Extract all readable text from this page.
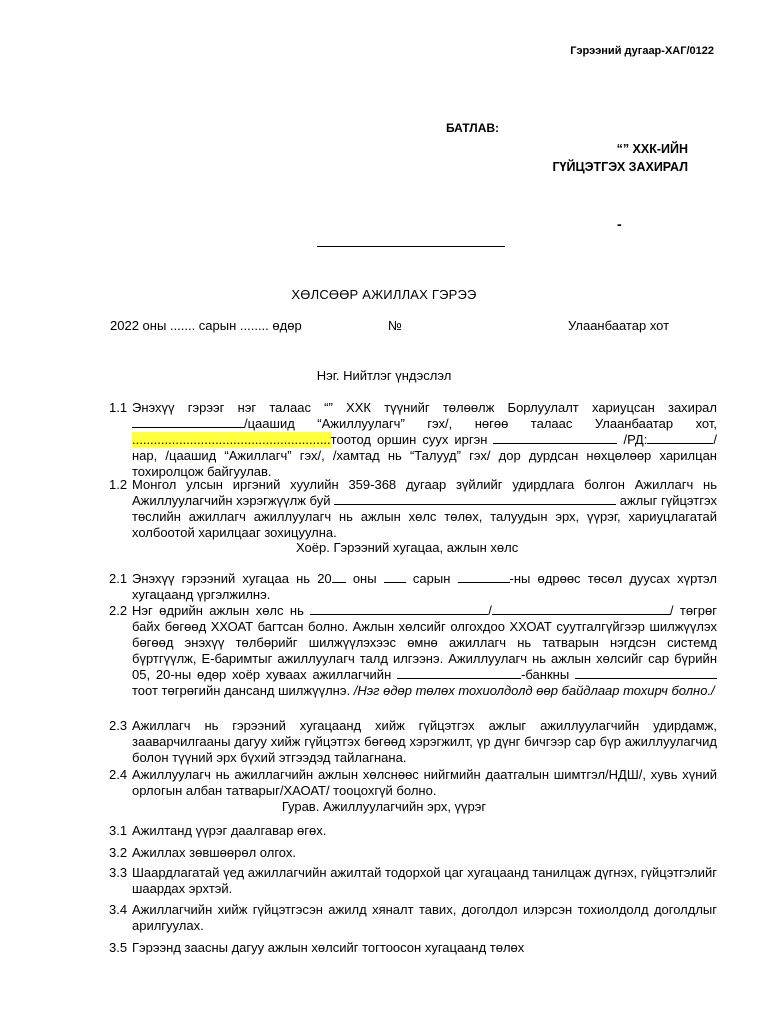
Гэрээний дугаар-ХАГ/0122
БАТЛАВ:
“” ХХК-ИЙН
ГҮЙЦЭТГЭХ ЗАХИРАЛ
-
ХӨЛСӨӨР АЖИЛЛАХ ГЭРЭЭ
2022 оны ....... сарын ........ өдөр	№	Улаанбаатар хот
Нэг. Нийтлэг үндэслэл
1.1 Энэхүү гэрээг нэг талаас “” ХХК түүнийг төлөөлж Борлуулалт хариуцсан захирал /цаашид “Ажиллуулагч” гэх/, нөгөө талаас Улаанбаатар хот, .......................................................тоотод оршин суух иргэн	/РД:	/ нар, /цаашид “Ажиллагч” гэх/, /хамтад нь “Талууд” гэх/ дор дурдсан нөхцөлөөр харилцан тохиролцож байгуулав.
1.2 Монгол улсын иргэний хуулийн 359-368 дугаар зүйлийг удирдлага болгон Ажиллагч нь Ажиллуулагчийн хэрэгжүүлж буй	ажлыг гүйцэтгэх төслийн ажиллагч ажиллуулагч нь ажлын хөлс төлөх, талуудын эрх, үүрэг, хариуцлагатай холбоотой харилцааг зохицуулна.
Хоёр. Гэрээний хугацаа, ажлын хөлс
2.1 Энэхүү гэрээний хугацаа нь 20 оны	сарын	-ны өдрөөс төсөл дуусах хүртэл хугацаанд үргэлжилнэ.
2.2 Нэг өдрийн ажлын хөлс нь	/	/ төгрөг байх бөгөөд ХХОАТ багтсан болно. Ажлын хөлсийг олгохдоо ХХОАТ суутгалгүйгээр шилжүүлэх бөгөөд энэхүү төлбөрийг шилжүүлэхээс өмнө ажиллагч нь татварын нэгдсэн системд бүртгүүлж, Е-баримтыг ажиллуулагч талд илгээнэ. Ажиллуулагч нь ажлын хөлсийг сар бүрийн 05, 20-ны өдөр хоёр хуваах ажиллагчийн	-банкны тоот төгрөгийн дансанд шилжүүлнэ. /Нэг өдөр төлөх тохиолдолд өөр байдлаар тохирч болно./
2.3 Ажиллагч нь гэрээний хугацаанд хийж гүйцэтгэх ажлыг ажиллуулагчийн удирдамж, зааварчилгааны дагуу хийж гүйцэтгэх бөгөөд хэрэгжилт, үр дүнг бичгээр сар бүр ажиллуулагчид болон түүний эрх бүхий этгээдэд тайлагнана.
2.4 Ажиллуулагч нь ажиллагчийн ажлын хөлснөөс нийгмийн даатгалын шимтгэл/НДШ/, хувь хүний орлогын албан татварыг/ХАОАТ/ тооцохгүй болно.
Гурав. Ажиллуулагчийн эрх, үүрэг
3.1 Ажилтанд үүрэг даалгавар өгөх.
3.2 Ажиллах зөвшөөрөл олгох.
3.3 Шаардлагатай үед ажиллагчийн ажилтай тодорхой цаг хугацаанд танилцаж дүгнэх, гүйцэтгэлийг шаардах эрхтэй.
3.4 Ажиллагчийн хийж гүйцэтгэсэн ажилд хяналт тавих, доголдол илэрсэн тохиолдолд доголдлыг арилгуулах.
3.5 Гэрээнд заасны дагуу ажлын хөлсийг тогтоосон хугацаанд төлөх
